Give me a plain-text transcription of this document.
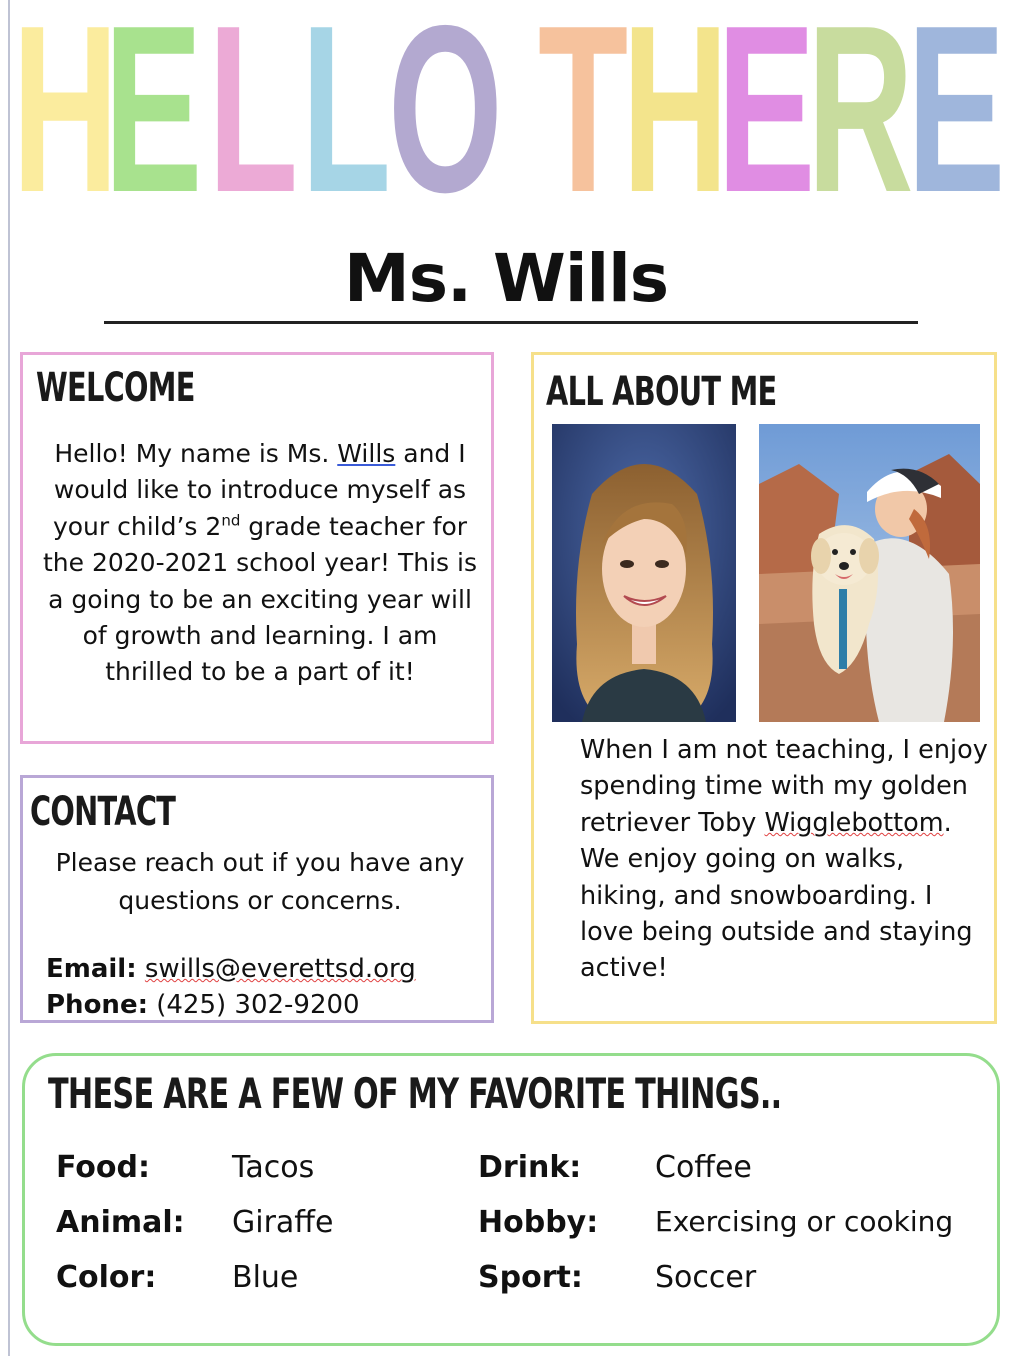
H
E L L
O T
H
E
R
E
Ms. Wills
WELCOME
Hello! My name is Ms. Wills and I would like to introduce myself as your child’s 2nd grade teacher for the 2020-2021 school year! This is a going to be an exciting year will of growth and learning. I am thrilled to be a part of it!
CONTACT
Please reach out if you have any questions or concerns.
Email: swills@everettsd.org
Phone: (425) 302-9200
ALL ABOUT ME
When I am not teaching, I enjoy spending time with my golden retriever Toby Wigglebottom. We enjoy going on walks, hiking, and snowboarding. I love being outside and staying active!
THESE ARE A FEW OF MY FAVORITE THINGS..
Food:	Tacos
Animal: Giraffe
Color:	Blue
Drink: Coffee
Hobby: Exercising or cooking
Sport: Soccer
